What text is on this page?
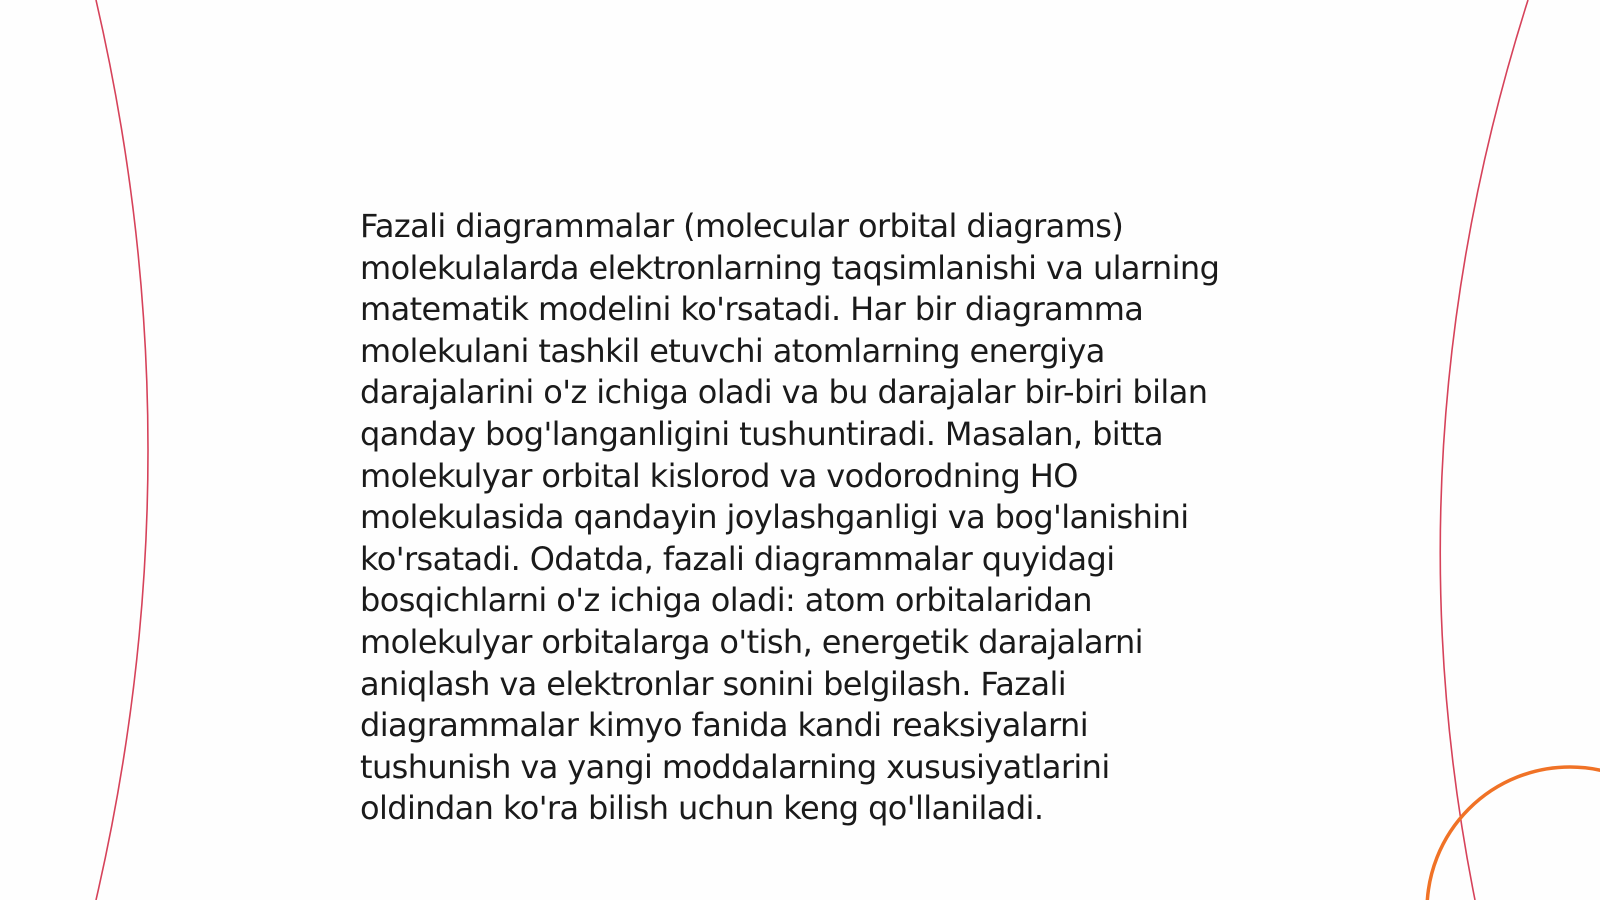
Fazali diagrammalar (molecular orbital diagrams) molekulalarda elektronlarning taqsimlanishi va ularning matematik modelini ko'rsatadi. Har bir diagramma molekulani tashkil etuvchi atomlarning energiya darajalarini o'z ichiga oladi va bu darajalar bir-biri bilan qanday bog'langanligini tushuntiradi. Masalan, bitta molekulyar orbital kislorod va vodorodning HO molekulasida qandayin joylashganligi va bog'lanishini ko'rsatadi. Odatda, fazali diagrammalar quyidagi bosqichlarni o'z ichiga oladi: atom orbitalaridan molekulyar orbitalarga o'tish, energetik darajalarni aniqlash va elektronlar sonini belgilash. Fazali diagrammalar kimyo fanida kandi reaksiyalarni tushunish va yangi moddalarning xususiyatlarini oldindan ko'ra bilish uchun keng qo'llaniladi.
